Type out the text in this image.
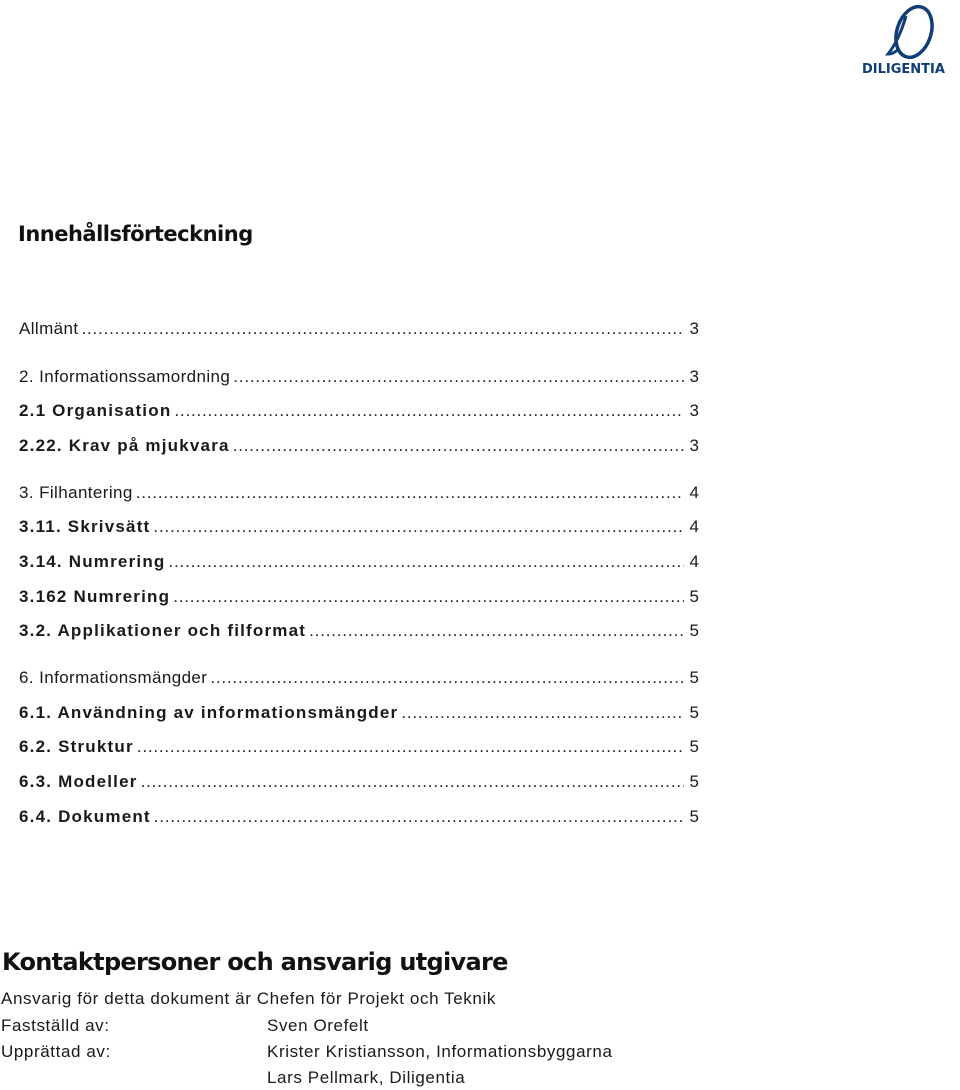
DILIGENTIA
Innehållsförteckning
Allmänt .....	3
2. Informationssamordning .....	3
2.1 Organisation .....	3
2.22. Krav på mjukvara .....	3
3. Filhantering .....	4
3.11. Skrivsätt .....	4
3.14. Numrering .....	4
3.162 Numrering .....	5
3.2. Applikationer och filformat .....	5
6. Informationsmängder .....	5
6.1. Användning av informationsmängder .....	5
6.2. Struktur .....	5
6.3. Modeller .....	5
6.4. Dokument .....	5
Kontaktpersoner och ansvarig utgivare
Ansvarig för detta dokument är Chefen för Projekt och Teknik
Fastställd av:	Sven Orefelt
Upprättad av:	Krister Kristiansson, Informationsbyggarna
Lars Pellmark, Diligentia
